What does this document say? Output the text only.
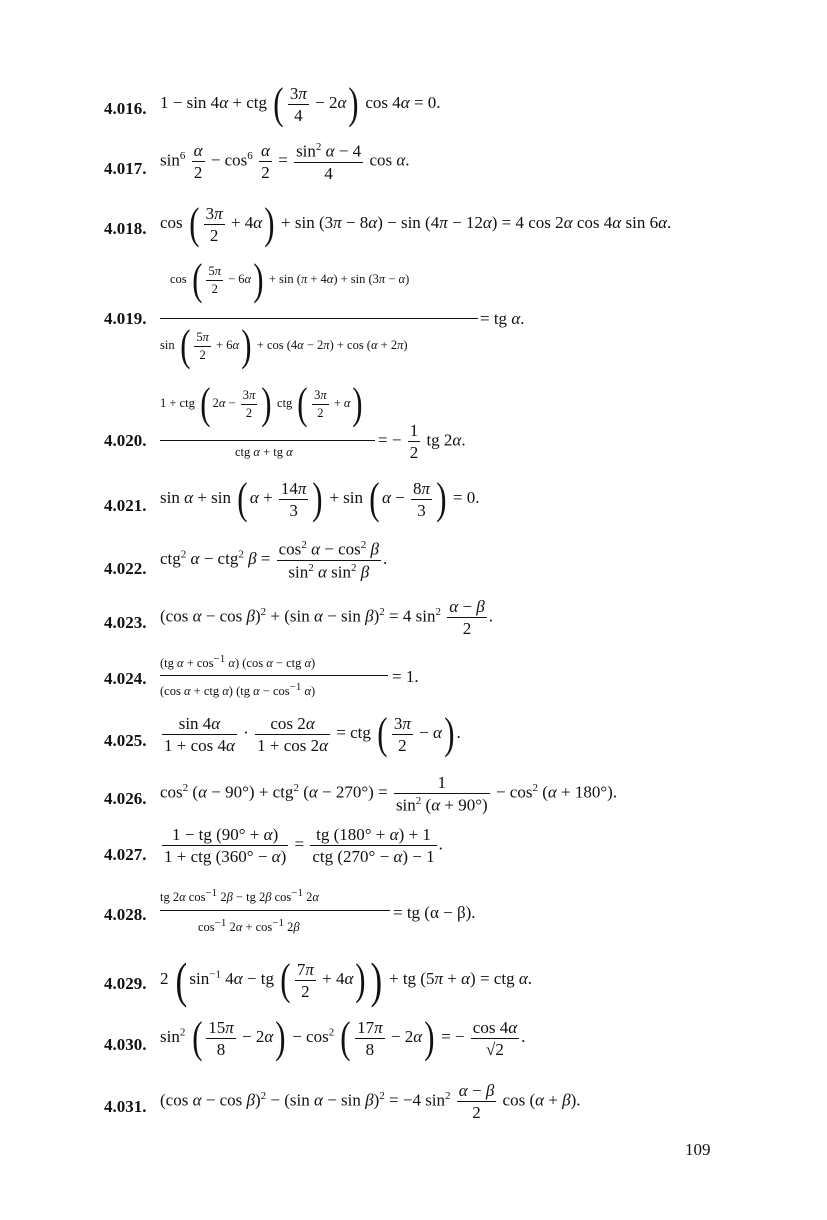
4.016. 1 − sin 4α + ctg ( $\frac{3\pi}{4} - 2\alpha$) cos 4α = 0.
4.017. $\sin^6 \frac{\alpha}{2} - \cos^6 \frac{\alpha}{2} = \frac{\sin^2 \alpha - 4}{4}$ cos α.
4.018. cos ( $\frac{3\pi}{2} + 4\alpha) + \sin (3\pi - 8\alpha) - \sin (4\pi - 12\alpha) = 4$ cos 2α cos 4α sin 6α.
4.019.
cos ( $\frac{5\pi}{2} - 6\alpha) + \sin (\pi + 4\alpha) + \sin (3\pi - \alpha)$
= tg α.
sin ( $\frac{5\pi}{2} + 6\alpha) + \cos (4\alpha - 2\pi) + \cos (\alpha + 2\pi)$
4.020.
1 + ctg ( $2\alpha - \frac{3\pi}{2}$ ) ctg ( $\frac{3\pi}{2} + \alpha$)
= − $\frac{1}{2}$ tg 2α.
ctg α + tg α
4.021. sin α + sin ( $\alpha + \frac{14\pi}{3}$ ) + sin ( $\alpha - \frac{8\pi}{3}$ ) = 0.
4.022.
ctg$^2$ α − ctg$^2$ $\beta = \frac{\cos^2 \alpha - \cos^2 \beta}{\sin^2 \alpha \sin^2 \beta}$ .
4.023. (cos α − cos β)$^2$ + (sin α − sin β)$^2$ = 4 $\sin^2 \frac{\alpha - \beta}{2}$ .
4.024.
(tg $\alpha + \cos^{-1} \alpha$) (cos α − ctg α)
= 1.
(cos α + ctg α) (tg $\alpha - \cos^{-1} \alpha$)
4.025. $\frac{\sin 4\alpha}{1 + \cos 4\alpha} \cdot \frac{\cos 2\alpha}{1 + \cos 2\alpha}$ = ctg ( $\frac{3\pi}{2} - \alpha$) .
4.026. $\cos^2 (\alpha - 90^\circ) + ctg^2$ $(\alpha - 270^\circ) = \frac{1}{\sin^2 (\alpha + 90^\circ)} - \cos^2 (\alpha + 180^\circ)$.
4.027.
1 − tg (90° + α)
1 + ctg (360° − α)
= tg (180° + α) + 1
ctg (270° − α) − 1
.
4.028.
tg 2α $\cos^{-1} 2\beta$ − tg 2β $\cos^{-1} 2\alpha$
= tg (α − β).
$\cos^{-1} 2\alpha + \cos^{-1} 2\beta$
4.029. 2 ( $\sin^{-1} 4\alpha$ − tg ( $\frac{7\pi}{2} + 4\alpha$)) + tg (5π + α) = ctg α.
4.030. $\sin^2$ ( $\frac{15\pi}{8} - 2\alpha) - \cos^2$ ( $\frac{17\pi}{8} - 2\alpha$) = − $\frac{\cos 4\alpha}{√2}$ .
4.031. (cos α − cos β)$^2$ − (sin α − sin β)$^2$ = −4 $\sin^2 \frac{\alpha - \beta}{2}$ cos (α + β).
109
